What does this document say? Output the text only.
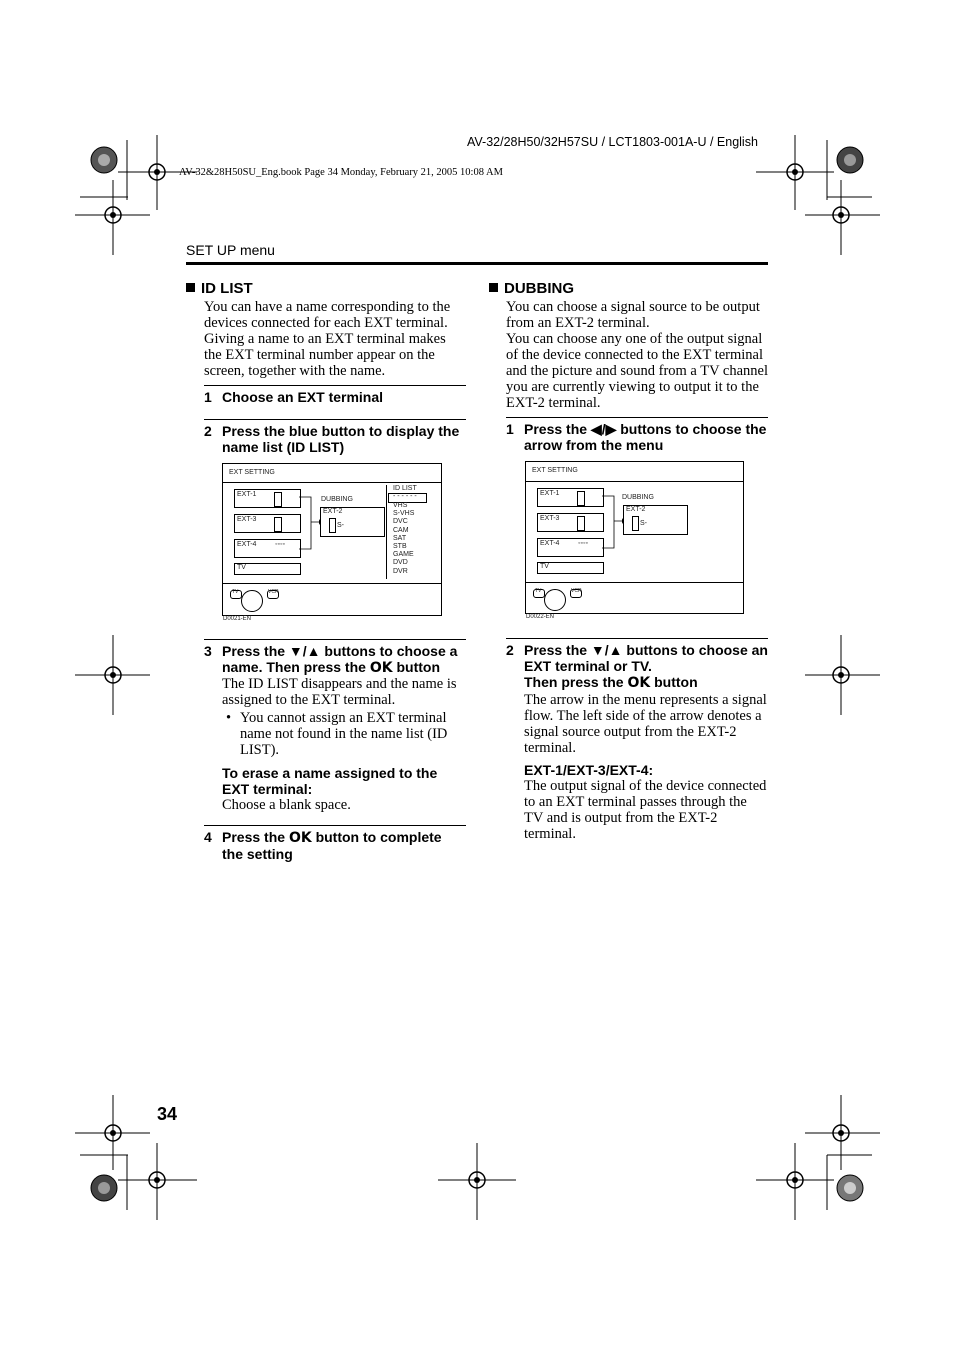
AV-32/28H50/32H57SU / LCT1803-001A-U / English
AV-32&28H50SU_Eng.book Page 34 Monday, February 21, 2005 10:08 AM
SET UP menu
ID LIST
You can have a name corresponding to the devices connected for each EXT terminal. Giving a name to an EXT terminal makes the EXT terminal number appear on the screen, together with the name.
1 Choose an EXT terminal
2 Press the blue button to display the name list (ID LIST)
EXT SETTING
EXT-1
EXT-3
EXT-4	◦◦◦◦
TV
DUBBING
EXT-2
S-
ID LIST
- - - - - -
VHS
S-VHS
DVC
CAM
SAT
STB
GAME
DVD
DVR
TV	VCR
D0021-EN
3 Press the ▼/▲ buttons to choose a
name. Then press the OK button
The ID LIST disappears and the name is assigned to the EXT terminal.
• You cannot assign an EXT terminal name not found in the name list (ID LIST).
To erase a name assigned to the EXT terminal:
Choose a blank space.
4 Press the OK button to complete the setting
DUBBING
You can choose a signal source to be output from an EXT-2 terminal.
You can choose any one of the output signal of the device connected to the EXT terminal and the picture and sound from a TV channel you are currently viewing to output it to the EXT-2 terminal.
1 Press the ◀/▶ buttons to choose the arrow from the menu
EXT SETTING
EXT-1
EXT-3
EXT-4	◦◦◦◦
TV
DUBBING
EXT-2
S-
TV	VCR
D0022-EN
2 Press the ▼/▲ buttons to choose an
EXT terminal or TV.
Then press the OK button
The arrow in the menu represents a signal flow. The left side of the arrow denotes a signal source output from the EXT-2 terminal.
EXT-1/EXT-3/EXT-4:
The output signal of the device connected to an EXT terminal passes through the TV and is output from the EXT-2 terminal.
34
